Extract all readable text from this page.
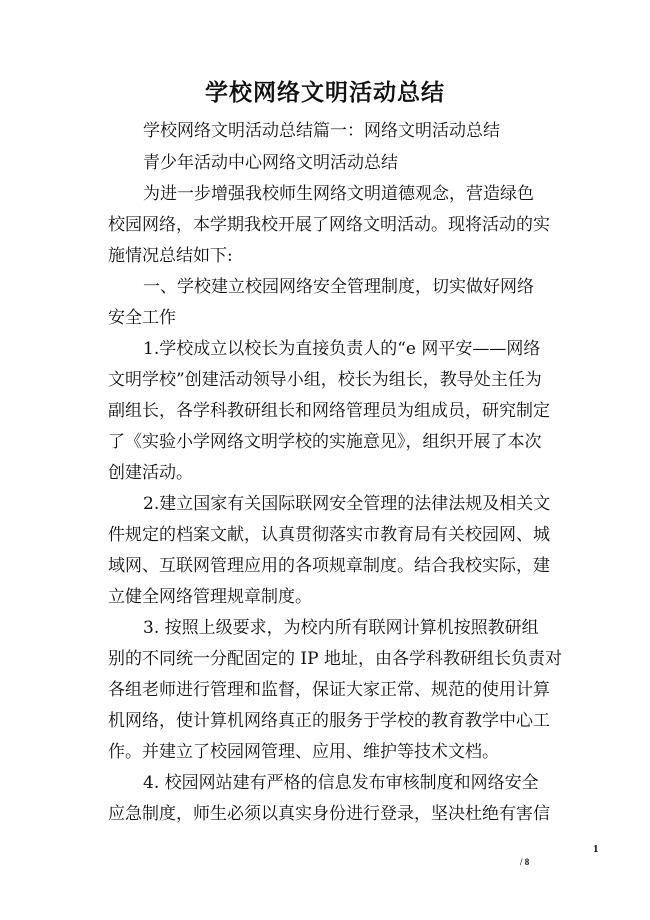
学校网络文明活动总结
学校网络文明活动总结篇一：网络文明活动总结
青少年活动中心网络文明活动总结
为进一步增强我校师生网络文明道德观念，营造绿色
校园网络，本学期我校开展了网络文明活动。现将活动的实
施情况总结如下:
一、学校建立校园网络安全管理制度，切实做好网络
安全工作
1.学校成立以校长为直接负责人的“e 网平安——网络
文明学校”创建活动领导小组，校长为组长，教导处主任为
副组长，各学科教研组长和网络管理员为组成员，研究制定
了《实验小学网络文明学校的实施意见》，组织开展了本次
创建活动。
2.建立国家有关国际联网安全管理的法律法规及相关文
件规定的档案文献，认真贯彻落实市教育局有关校园网、城
域网、互联网管理应用的各项规章制度。结合我校实际，建
立健全网络管理规章制度。
3. 按照上级要求，为校内所有联网计算机按照教研组
别的不同统一分配固定的 IP 地址，由各学科教研组长负责对
各组老师进行管理和监督，保证大家正常、规范的使用计算
机网络，使计算机网络真正的服务于学校的教育教学中心工
作。并建立了校园网管理、应用、维护等技术文档。
4. 校园网站建有严格的信息发布审核制度和网络安全
应急制度，师生必须以真实身份进行登录，坚决杜绝有害信
1
/ 8
